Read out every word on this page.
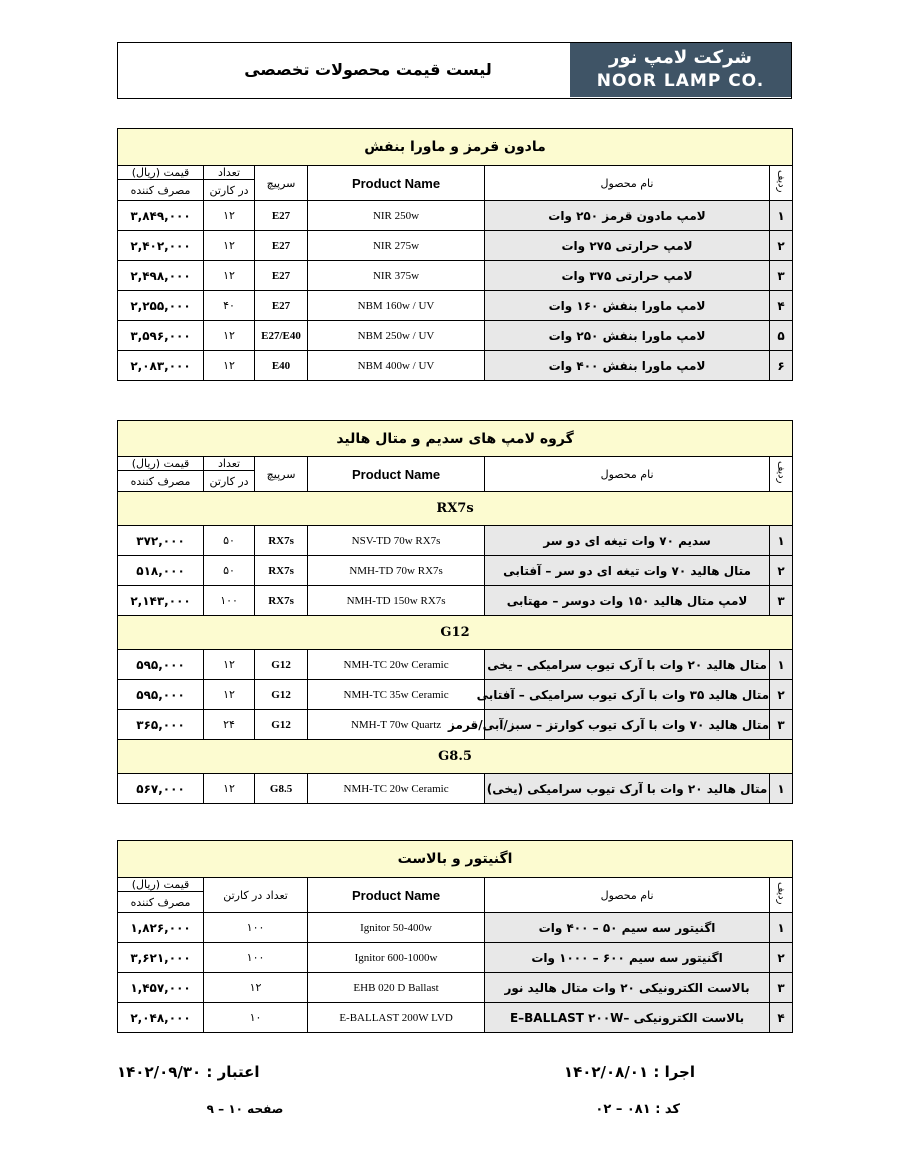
لیست قیمت محصولات تخصصی
شرکت لامپ نور
NOOR LAMP CO.
مادون قرمز و ماورا بنفش					
ردیف	نام محصول	Product Name	سرپیچ	تعداد	قیمت (ریال)
				در کارتن	مصرف کننده
۱	لامپ مادون قرمز ۲۵۰ وات	NIR 250w	E27	۱۲	۳,۸۴۹,۰۰۰
۲	لامپ حرارتی ۲۷۵ وات	NIR 275w	E27	۱۲	۲,۴۰۲,۰۰۰
۳	لامپ حرارتی ۳۷۵ وات	NIR 375w	E27	۱۲	۲,۴۹۸,۰۰۰
۴	لامپ ماورا بنفش ۱۶۰ وات	NBM 160w / UV	E27	۴۰	۲,۲۵۵,۰۰۰
۵	لامپ ماورا بنفش ۲۵۰ وات	NBM 250w / UV	E27/E40	۱۲	۳,۵۹۶,۰۰۰
۶	لامپ ماورا بنفش ۴۰۰ وات	NBM 400w / UV	E40	۱۲	۲,۰۸۳,۰۰۰
گروه لامپ های سدیم و متال هالید					
ردیف	نام محصول	Product Name	سرپیچ	تعداد	قیمت (ریال)
				در کارتن	مصرف کننده
RX7s					
۱	سدیم ۷۰ وات تیغه ای دو سر	NSV-TD 70w RX7s	RX7s	۵۰	۳۷۲,۰۰۰
۲	متال هالید ۷۰ وات تیغه ای دو سر – آفتابی	NMH-TD 70w RX7s	RX7s	۵۰	۵۱۸,۰۰۰
۳	لامپ متال هالید ۱۵۰ وات دوسر – مهتابی	NMH-TD 150w RX7s	RX7s	۱۰۰	۲,۱۴۳,۰۰۰
G12					
۱	متال هالید ۲۰ وات با آرک تیوب سرامیکی – یخی	NMH-TC 20w Ceramic	G12	۱۲	۵۹۵,۰۰۰
۲	متال هالید ۳۵ وات با آرک تیوب سرامیکی – آفتابی	NMH-TC 35w Ceramic	G12	۱۲	۵۹۵,۰۰۰
۳	متال هالید ۷۰ وات با آرک تیوب کوارتز – سبز/آبی/قرمز	NMH-T 70w Quartz	G12	۲۴	۳۶۵,۰۰۰
G8.5					
۱	متال هالید ۲۰ وات با آرک تیوب سرامیکی (یخی)	NMH-TC 20w Ceramic	G8.5	۱۲	۵۶۷,۰۰۰
اگنیتور و بالاست				
ردیف	نام محصول	Product Name	تعداد در کارتن	قیمت (ریال)
				مصرف کننده
۱	اگنیتور سه سیم ۵۰ – ۴۰۰ وات	Ignitor 50-400w	۱۰۰	۱,۸۲۶,۰۰۰
۲	اگنیتور سه سیم ۶۰۰ – ۱۰۰۰ وات	Ignitor 600-1000w	۱۰۰	۳,۶۲۱,۰۰۰
۳	بالاست الکترونیکی ۲۰ وات متال هالید نور	EHB 020 D Ballast	۱۲	۱,۴۵۷,۰۰۰
۴	بالاست الکترونیکی –E–BALLAST ۲۰۰W	E-BALLAST 200W LVD	۱۰	۲,۰۴۸,۰۰۰
اعتبار : ۱۴۰۲/۰۹/۳۰
صفحه ۱۰ – ۹
اجرا : ۱۴۰۲/۰۸/۰۱
کد : ۰۸۱ – ۰۲
